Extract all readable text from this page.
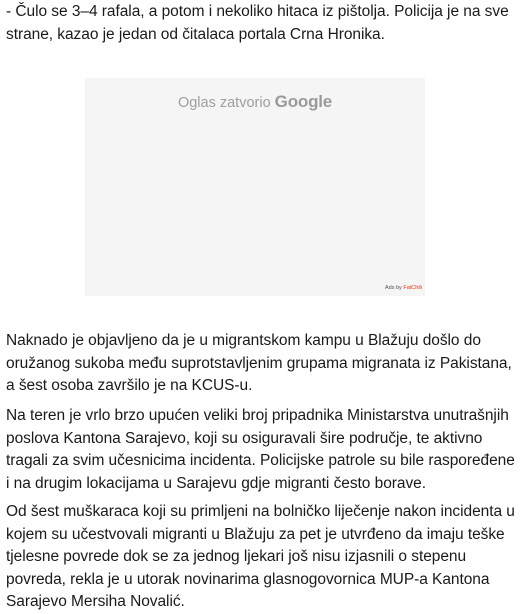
- Čulo se 3–4 rafala, a potom i nekoliko hitaca iz pištolja. Policija je na sve strane, kazao je jedan od čitalaca portala Crna Hronika.

Oglas zatvorio Google
Ads by FatChili

Naknado je objavljeno da je u migrantskom kampu u Blažuju došlo do oružanog sukoba među suprotstavljenim grupama migranata iz Pakistana, a šest osoba završilo je na KCUS-u.

Na teren je vrlo brzo upućen veliki broj pripadnika Ministarstva unutrašnjih poslova Kantona Sarajevo, koji su osiguravali šire područje, te aktivno tragali za svim učesnicima incidenta. Policijske patrole su bile raspoređene i na drugim lokacijama u Sarajevu gdje migranti često borave.

Od šest muškaraca koji su primljeni na bolničko liječenje nakon incidenta u kojem su učestvovali migranti u Blažuju za pet je utvrđeno da imaju teške tjelesne povrede dok se za jednog ljekari još nisu izjasnili o stepenu povreda, rekla je u utorak novinarima glasnogovornica MUP-a Kantona Sarajevo Mersiha Novalić.
